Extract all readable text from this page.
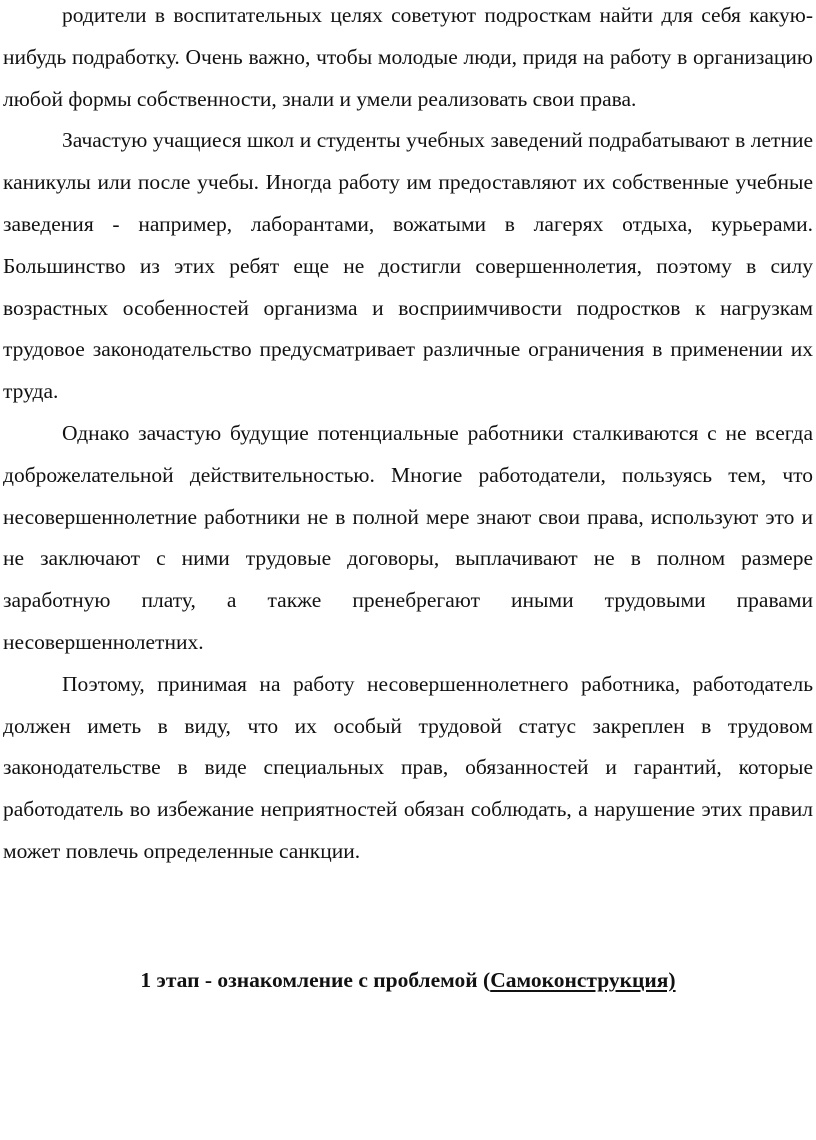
родители в воспитательных целях советуют подросткам найти для себя какую-нибудь подработку. Очень важно, чтобы молодые люди, придя на работу в организацию любой формы собственности, знали и умели реализовать свои права.

Зачастую учащиеся школ и студенты учебных заведений подрабатывают в летние каникулы или после учебы. Иногда работу им предоставляют их собственные учебные заведения - например, лаборантами, вожатыми в лагерях отдыха, курьерами. Большинство из этих ребят еще не достигли совершеннолетия, поэтому в силу возрастных особенностей организма и восприимчивости подростков к нагрузкам трудовое законодательство предусматривает различные ограничения в применении их труда.

Однако зачастую будущие потенциальные работники сталкиваются с не всегда доброжелательной действительностью. Многие работодатели, пользуясь тем, что несовершеннолетние работники не в полной мере знают свои права, используют это и не заключают с ними трудовые договоры, выплачивают не в полном размере заработную плату, а также пренебрегают иными трудовыми правами несовершеннолетних.

Поэтому, принимая на работу несовершеннолетнего работника, работодатель должен иметь в виду, что их особый трудовой статус закреплен в трудовом законодательстве в виде специальных прав, обязанностей и гарантий, которые работодатель во избежание неприятностей обязан соблюдать, а нарушение этих правил может повлечь определенные санкции.

1 этап - ознакомление с проблемой (Самоконструкция)
